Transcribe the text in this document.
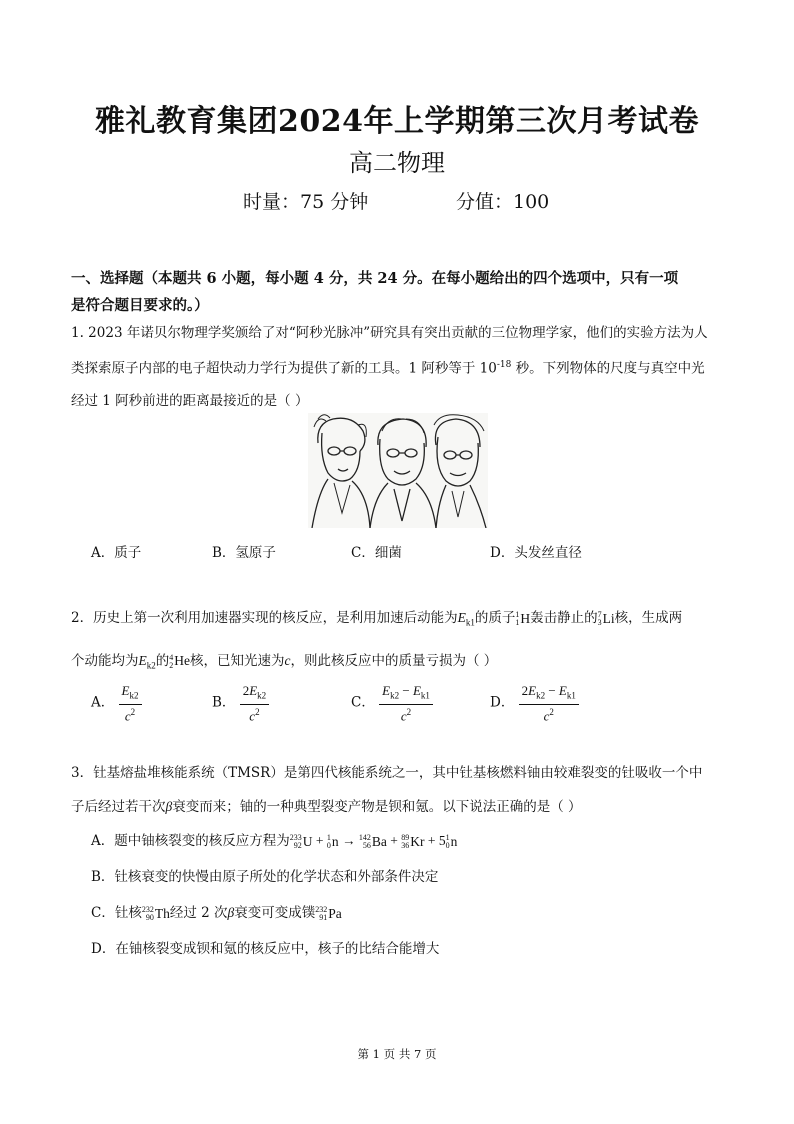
雅礼教育集团2024年上学期第三次月考试卷
高二物理
时量：75 分钟	分值：100
一、选择题（本题共 6 小题，每小题 4 分，共 24 分。在每小题给出的四个选项中，只有一项
是符合题目要求的。）
1. 2023 年诺贝尔物理学奖颁给了对“阿秒光脉冲”研究具有突出贡献的三位物理学家，他们的实验方法为人
类探索原子内部的电子超快动力学行为提供了新的工具。1 阿秒等于 $10^{-18}$ 秒。下列物体的尺度与真空中光
经过 1 阿秒前进的距离最接近的是（ ）
A．质子	B．氢原子	C．细菌	D．头发丝直径
2．历史上第一次利用加速器实现的核反应，是利用加速后动能为$E_{k1}$的质子1
1H轰击静止的7
3Li核，生成两
个动能均为$E_{k2}$的4
2He核，已知光速为c，则此核反应中的质量亏损为（ ）
A． $\frac{E_{k2}}{c^2}$	B． $\frac{2E_{k2}}{c^2}$	C． $\frac{E_{k2} - E_{k1}}{c^2}$	D． $\frac{2E_{k2} - E_{k1}}{c^2}$
3．钍基熔盐堆核能系统（TMSR）是第四代核能系统之一，其中钍基核燃料铀由较难裂变的钍吸收一个中
子后经过若干次β衰变而来；铀的一种典型裂变产物是钡和氪。以下说法正确的是（ ）
A．题中铀核裂变的核反应方程为233
92U + 1
0n → 142
56Ba + 89
36Kr + 51
0n
B．钍核衰变的快慢由原子所处的化学状态和外部条件决定
C．钍核232
90Th经过 2 次β衰变可变成镤232
91Pa
D．在铀核裂变成钡和氪的核反应中，核子的比结合能增大
第 1 页 共 7 页
